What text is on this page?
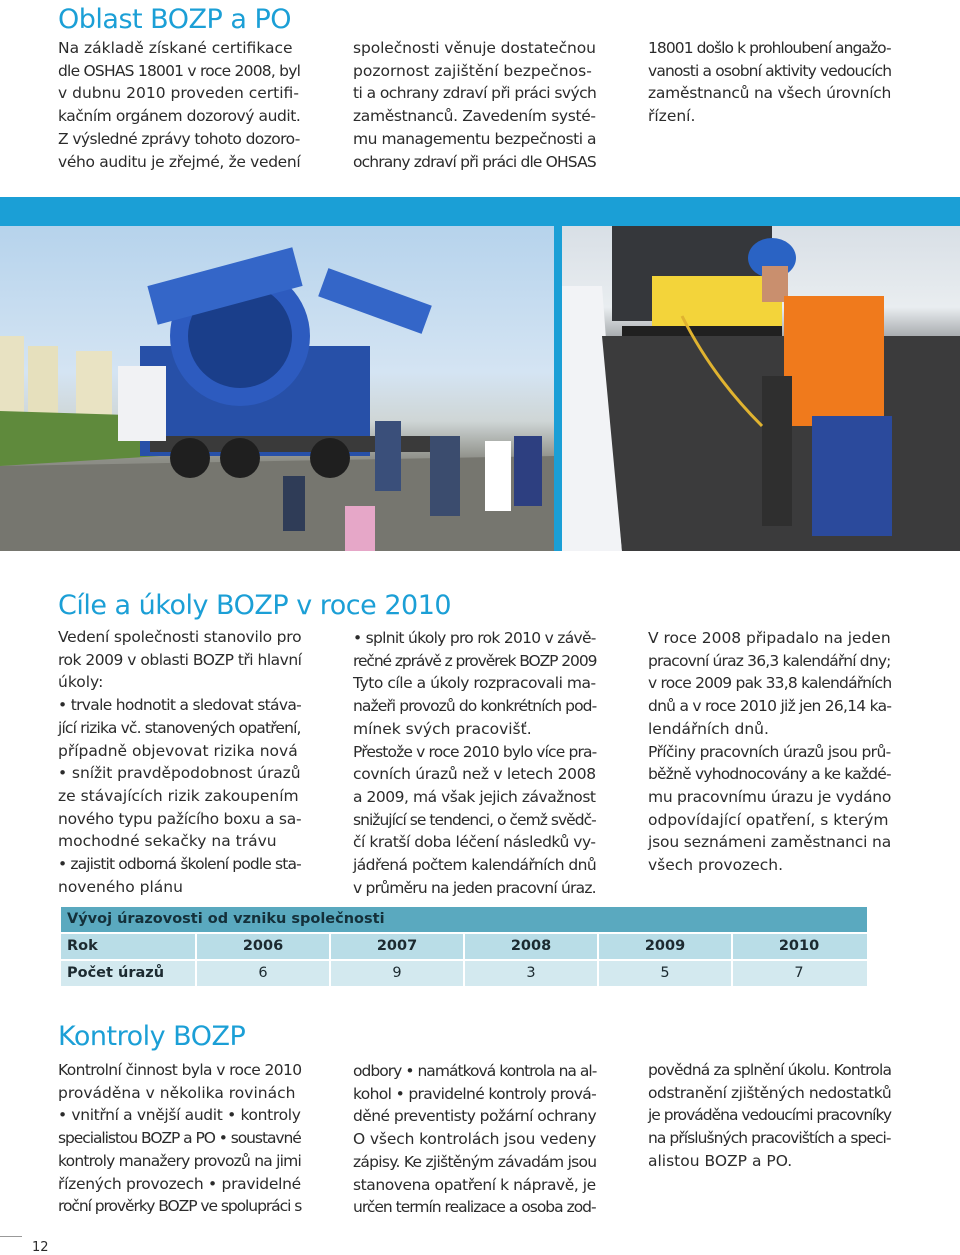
Oblast BOZP a PO
Na základě získané certifikace
dle OSHAS 18001 v roce 2008, byl
v dubnu 2010 proveden certifi-
kačním orgánem dozorový audit.
Z výsledné zprávy tohoto dozoro-
vého auditu je zřejmé, že vedení
společnosti věnuje dostatečnou
pozornost zajištění bezpečnos-
ti a ochrany zdraví při práci svých
zaměstnanců. Zavedením systé-
mu managementu bezpečnosti a
ochrany zdraví při práci dle OHSAS
18001 došlo k prohloubení angažo-
vanosti a osobní aktivity vedoucích
zaměstnanců na všech úrovních
řízení.
Cíle a úkoly BOZP v roce 2010
Vedení společnosti stanovilo pro
rok 2009 v oblasti BOZP tři hlavní
úkoly:
• trvale hodnotit a sledovat stáva-
jící rizika vč. stanovených opatření,
případně objevovat rizika nová
• snížit pravděpodobnost úrazů
ze stávajících rizik zakoupením
nového typu pažícího boxu a sa-
mochodné sekačky na trávu
• zajistit odborná školení podle sta-
noveného plánu
• splnit úkoly pro rok 2010 v závě-
rečné zprávě z prověrek BOZP 2009
Tyto cíle a úkoly rozpracovali ma-
nažeři provozů do konkrétních pod-
mínek svých pracovišť.
Přestože v roce 2010 bylo více pra-
covních úrazů než v letech 2008
a 2009, má však jejich závažnost
snižující se tendenci, o čemž svědč-
čí kratší doba léčení následků vy-
jádřená počtem kalendářních dnů
v průměru na jeden pracovní úraz.
V roce 2008 připadalo na jeden
pracovní úraz 36,3 kalendářní dny;
v roce 2009 pak 33,8 kalendářních
dnů a v roce 2010 již jen 26,14 ka-
lendářních dnů.
Příčiny pracovních úrazů jsou prů-
běžně vyhodnocovány a ke každé-
mu pracovnímu úrazu je vydáno
odpovídající opatření, s kterým
jsou seznámeni zaměstnanci na
všech provozech.
Vývoj úrazovosti od vzniku společnosti
Rok	2006	2007	2008	2009	2010
Počet úrazů	6	9	3	5	7
Kontroly BOZP
Kontrolní činnost byla v roce 2010
prováděna v několika rovinách
• vnitřní a vnější audit • kontroly
specialistou BOZP a PO • soustavné
kontroly manažery provozů na jimi
řízených provozech • pravidelné
roční prověrky BOZP ve spolupráci s
odbory • namátková kontrola na al-
kohol • pravidelné kontroly prová-
děné preventisty požární ochrany
O všech kontrolách jsou vedeny
zápisy. Ke zjištěným závadám jsou
stanovena opatření k nápravě, je
určen termín realizace a osoba zod-
povědná za splnění úkolu. Kontrola
odstranění zjištěných nedostatků
je prováděna vedoucími pracovníky
na příslušných pracovištích a speci-
alistou BOZP a PO.
12
